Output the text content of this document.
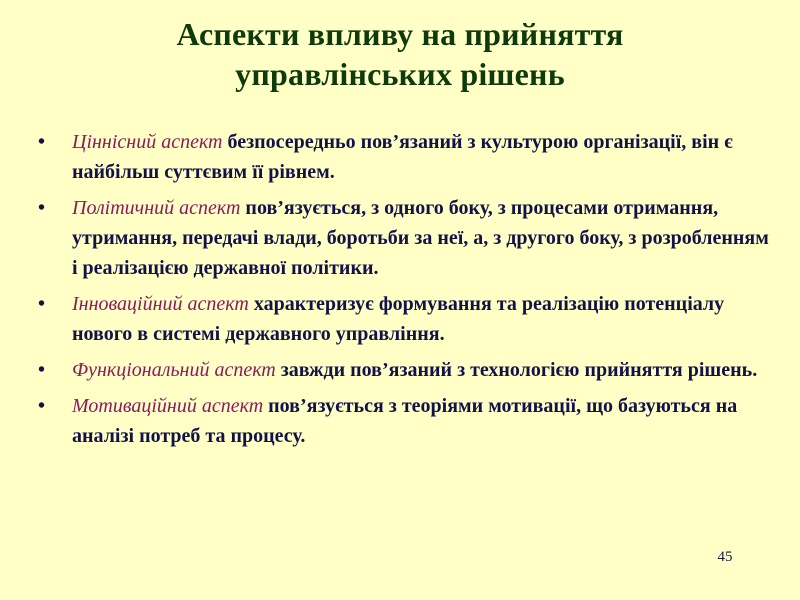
Аспекти впливу на прийняття
управлінських рішень
• Ціннісний аспект безпосередньо пов’язаний з культурою організації, він є найбільш суттєвим її рівнем.
• Політичний аспект пов’язується, з одного боку, з процесами отримання, утримання, передачі влади, боротьби за неї, а, з другого боку, з розробленням і реалізацією державної політики.
• Інноваційний аспект характеризує формування та реалізацію потенціалу нового в системі державного управління.
• Функціональний аспект завжди пов’язаний з технологією прийняття рішень.
• Мотиваційний аспект пов’язується з теоріями мотивації, що базуються на аналізі потреб та процесу.
45
